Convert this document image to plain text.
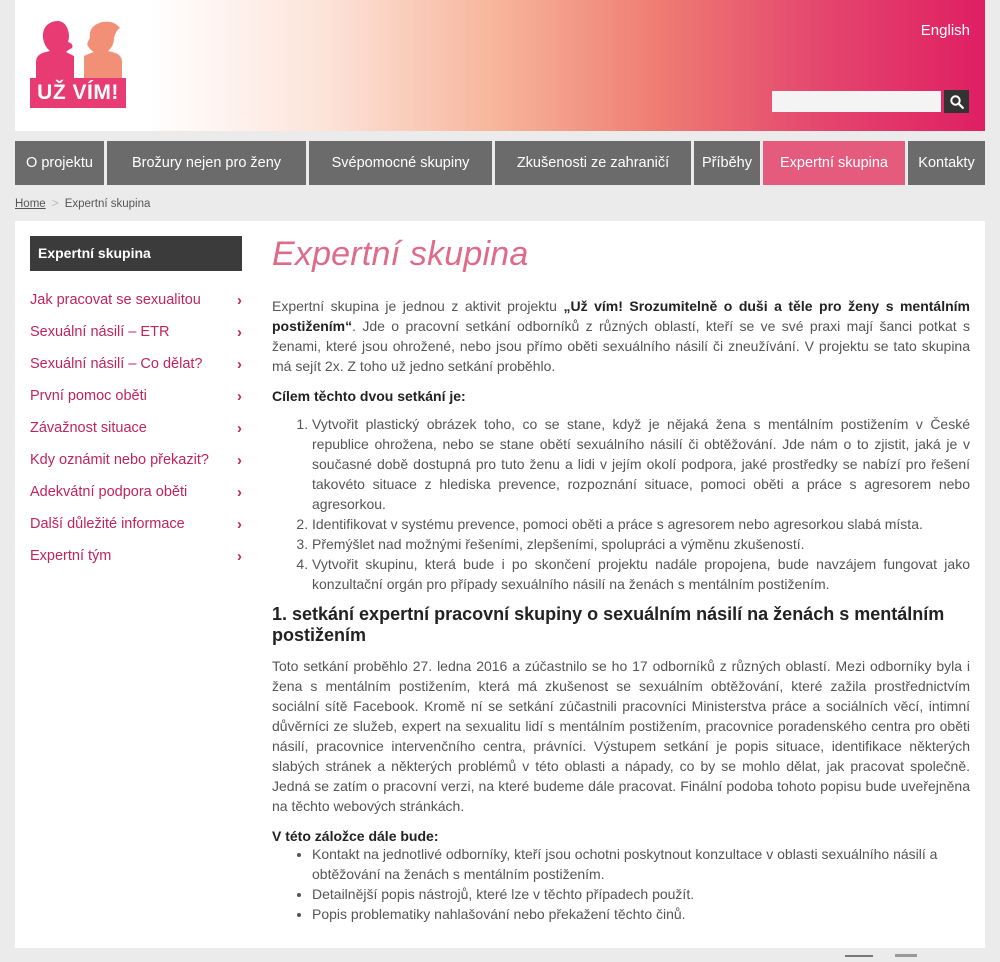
UŽ VÍM!
English
O projektu	Brožury nejen pro ženy	Svépomocné skupiny	Zkušenosti ze zahraničí	Příběhy	Expertní skupina	Kontakty
Home > Expertní skupina
Expertní skupina
Jak pracovat se sexualitou ›
Sexuální násilí – ETR	›
Sexuální násilí – Co dělat? ›
První pomoc oběti	›
Závažnost situace	›
Kdy oznámit nebo překazit? ›
Adekvátní podpora oběti	›
Další důležité informace	›
Expertní tým	›
Expertní skupina

Expertní skupina je jednou z aktivit projektu „Už vím! Srozumitelně o duši a těle pro ženy s mentálním postižením“. Jde o pracovní setkání odborníků z různých oblastí, kteří se ve své praxi mají šanci potkat s ženami, které jsou ohrožené, nebo jsou přímo oběti sexuálního násilí či zneužívání. V projektu se tato skupina má sejít 2x. Z toho už jedno setkání proběhlo.

Cílem těchto dvou setkání je:
1. Vytvořit plastický obrázek toho, co se stane, když je nějaká žena s mentálním postižením v České republice ohrožena, nebo se stane obětí sexuálního násilí či obtěžování. Jde nám o to zjistit, jaká je v současné době dostupná pro tuto ženu a lidi v jejím okolí podpora, jaké prostředky se nabízí pro řešení takovéto situace z hlediska prevence, rozpoznání situace, pomoci oběti a práce s agresorem nebo agresorkou.
2. Identifikovat v systému prevence, pomoci oběti a práce s agresorem nebo agresorkou slabá místa.
3. Přemýšlet nad možnými řešeními, zlepšeními, spolupráci a výměnu zkušeností.
4. Vytvořit skupinu, která bude i po skončení projektu nadále propojena, bude navzájem fungovat jako konzultační orgán pro případy sexuálního násilí na ženách s mentálním postižením.
1. setkání expertní pracovní skupiny o sexuálním násilí na ženách s mentálním postižením

Toto setkání proběhlo 27. ledna 2016 a zúčastnilo se ho 17 odborníků z různých oblastí. Mezi odborníky byla i žena s mentálním postižením, která má zkušenost se sexuálním obtěžování, které zažila prostřednictvím sociální sítě Facebook. Kromě ní se setkání zúčastnili pracovníci Ministerstva práce a sociálních věcí, intimní důvěrníci ze služeb, expert na sexualitu lidí s mentálním postižením, pracovnice poradenského centra pro oběti násilí, pracovnice intervenčního centra, právníci. Výstupem setkání je popis situace, identifikace některých slabých stránek a některých problémů v této oblasti a nápady, co by se mohlo dělat, jak pracovat společně. Jedná se zatím o pracovní verzi, na které budeme dále pracovat. Finální podoba tohoto popisu bude uveřejněna na těchto webových stránkách.

V této záložce dále bude:
• Kontakt na jednotlivé odborníky, kteří jsou ochotni poskytnout konzultace v oblasti sexuálního násilí a obtěžování na ženách s mentálním postižením.
• Detailnější popis nástrojů, které lze v těchto případech použít.
• Popis problematiky nahlašování nebo překažení těchto činů.
